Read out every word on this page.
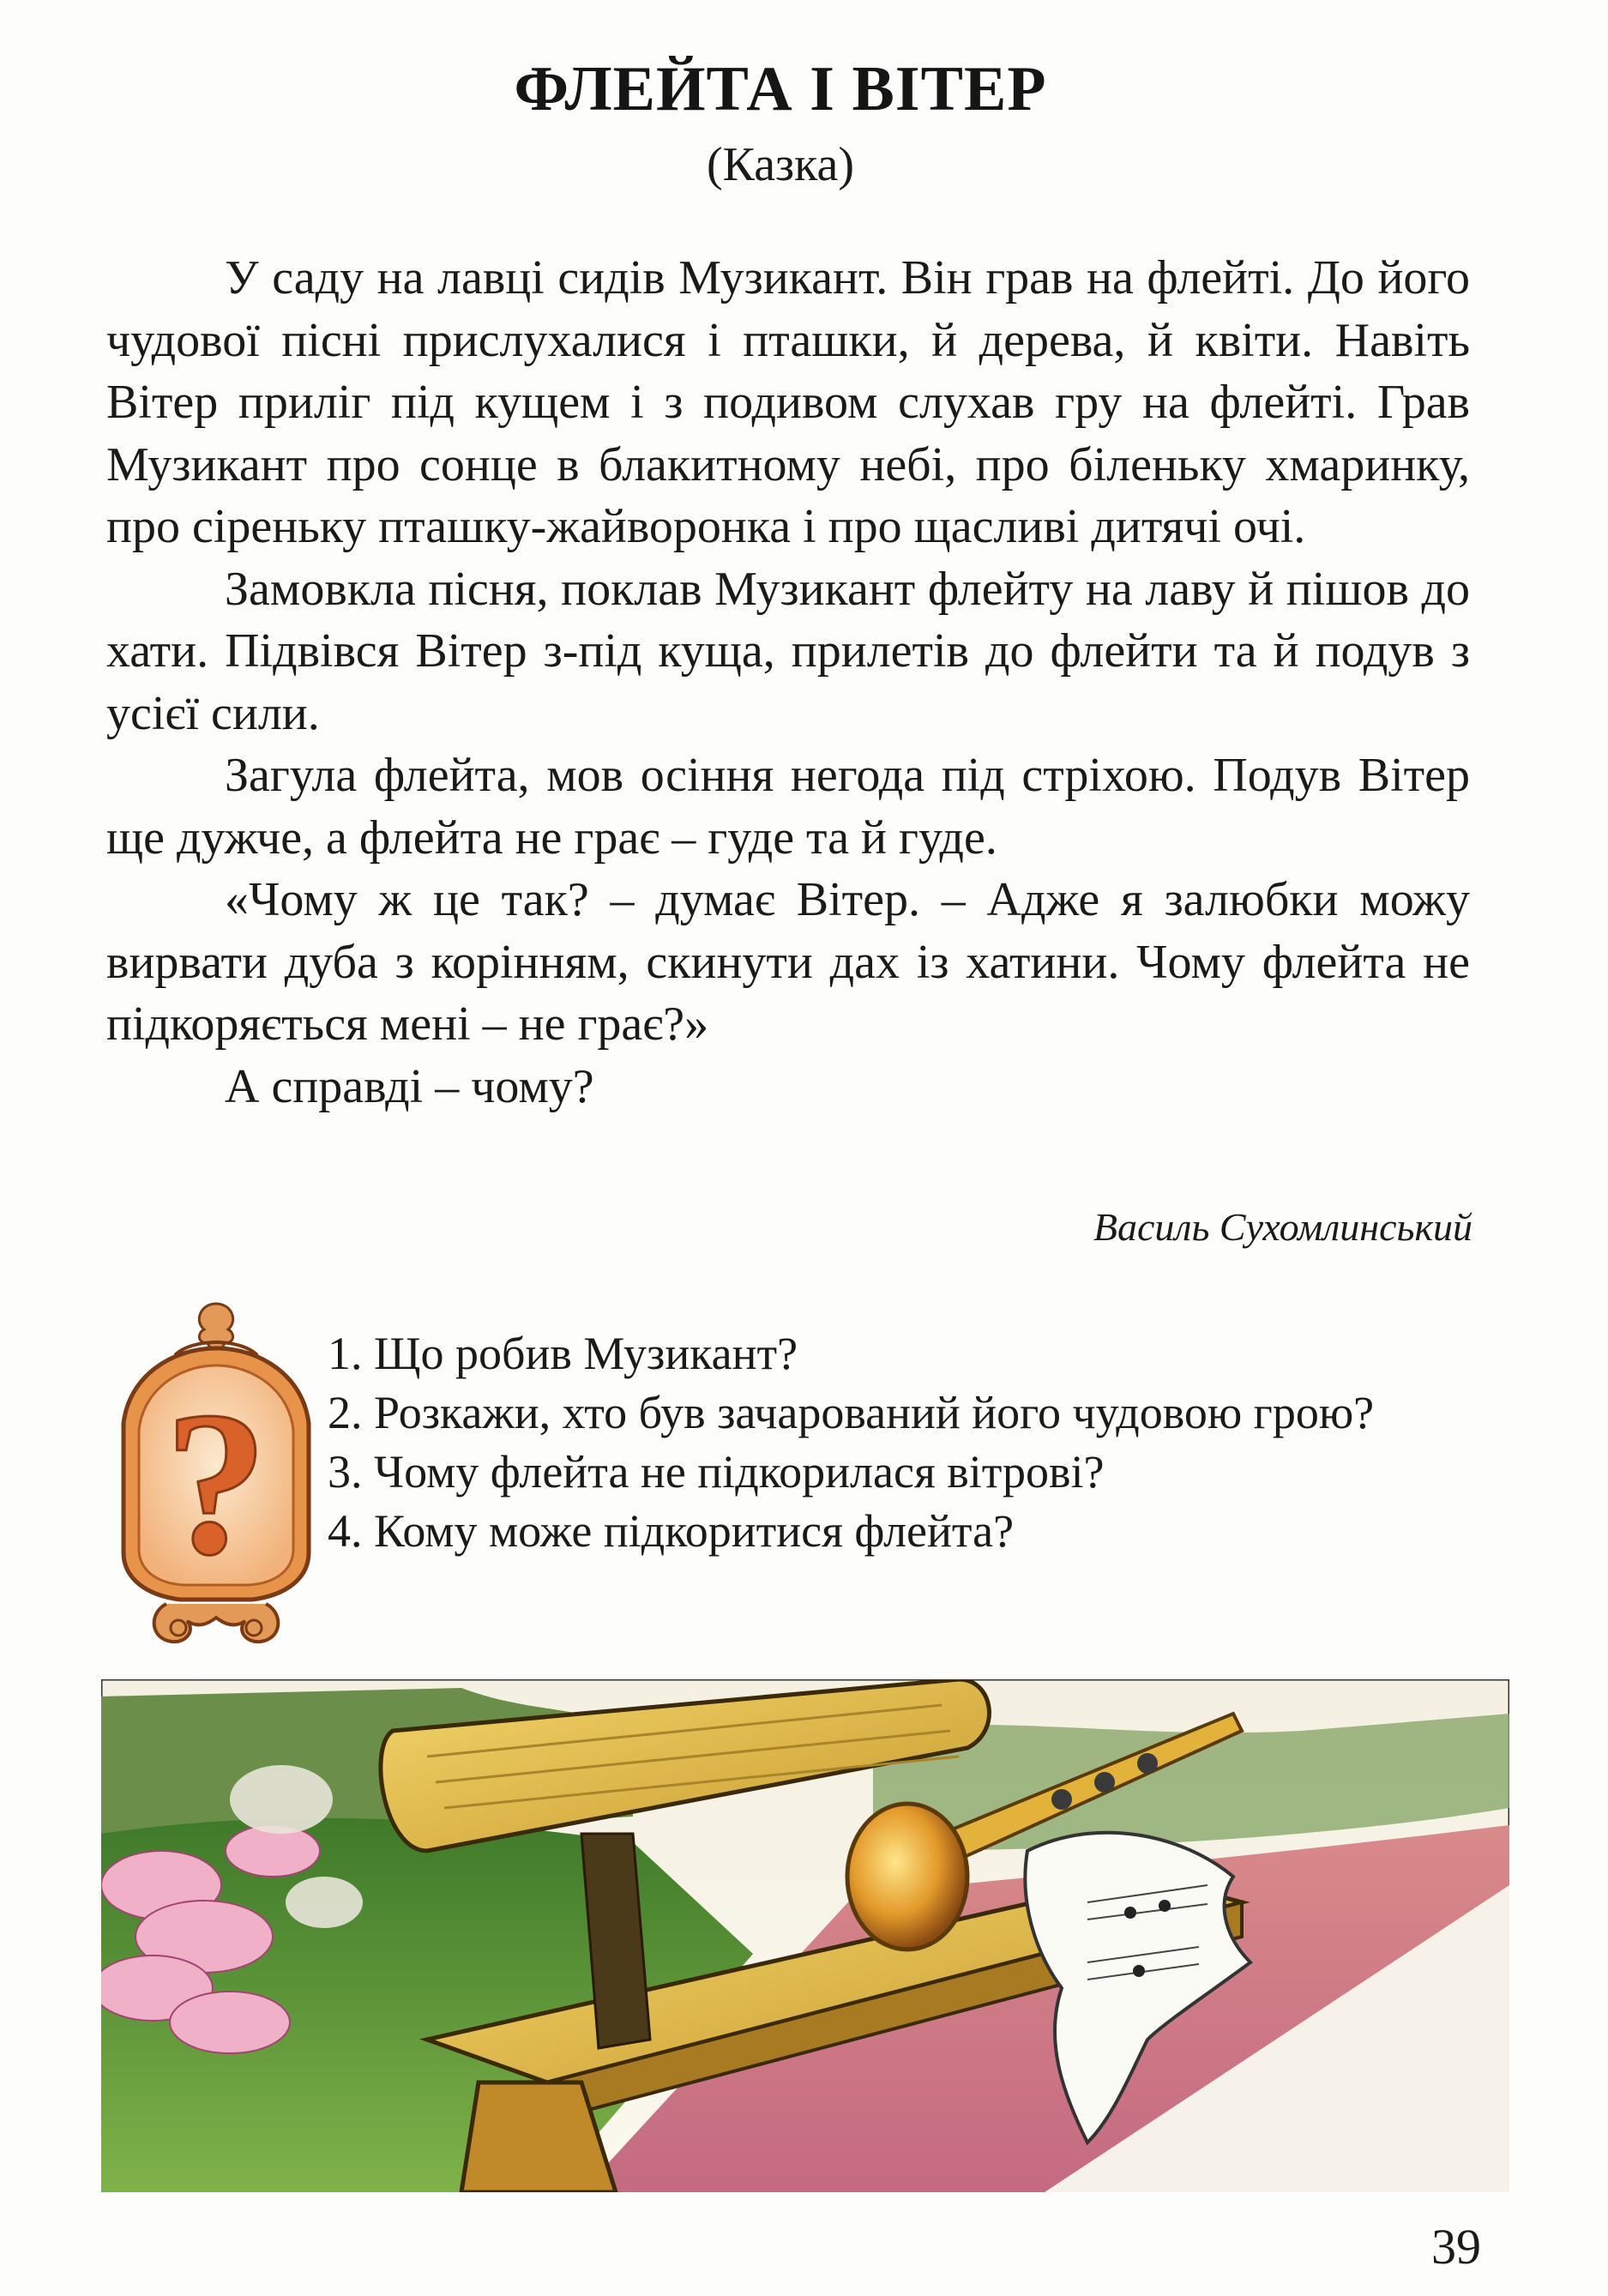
ФЛЕЙТА І ВІТЕР
(Казка)

У саду на лавці сидів Музикант. Він грав на флейті. До його чудової пісні прислухалися і пташки, й дерева, й квіти. Навіть Вітер приліг під кущем і з подивом слухав гру на флейті. Грав Музикант про сонце в блакитному небі, про біленьку хмаринку, про сіреньку пташку-жайворонка і про щасливі дитячі очі.

Замовкла пісня, поклав Музикант флейту на лаву й пішов до хати. Підвівся Вітер з-під куща, прилетів до флейти та й подув з усієї сили.

Загула флейта, мов осіння негода під стріхою. Подув Вітер ще дужче, а флейта не грає – гуде та й гуде.

«Чому ж це так? – думає Вітер. – Адже я залюбки можу вирвати дуба з корінням, скинути дах із хатини. Чому флейта не підкоряється мені – не грає?»

А справді – чому?

Василь Сухомлинський
?
1. Що робив Музикант?
2. Розкажи, хто був зачарований його чудовою грою?
3. Чому флейта не підкорилася вітрові?
4. Кому може підкоритися флейта?
39
